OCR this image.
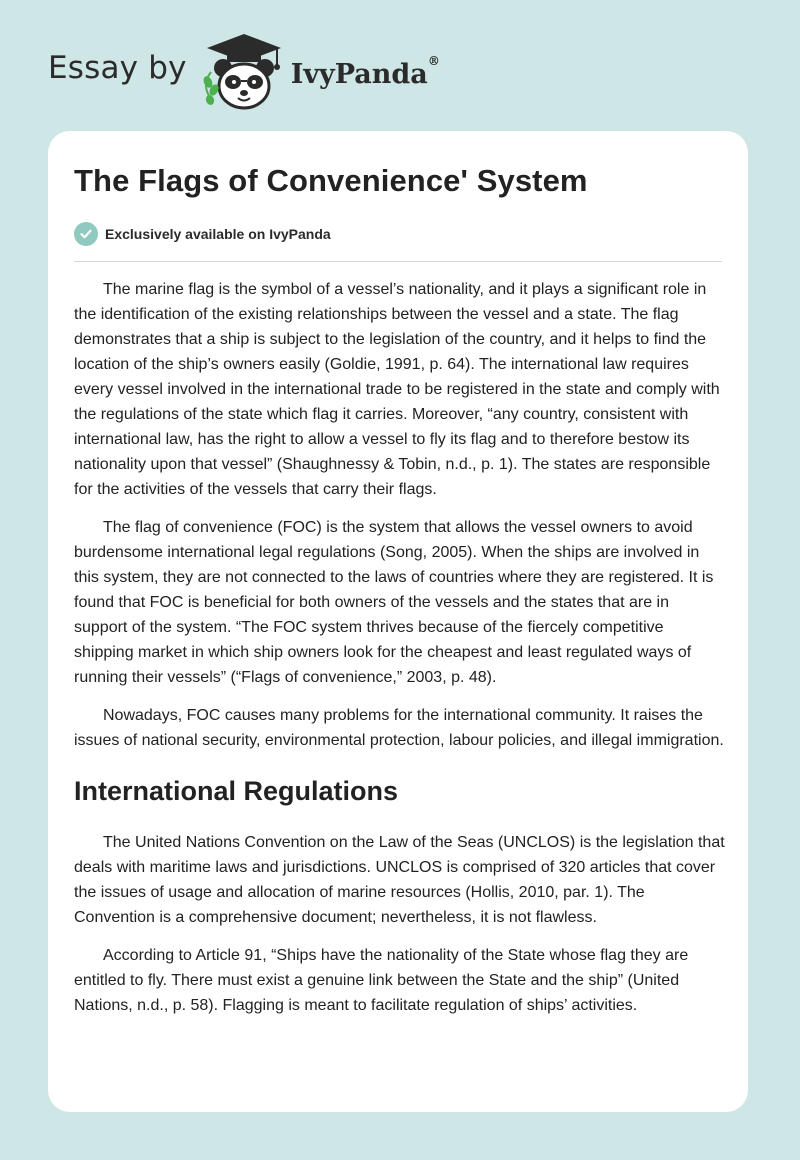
Essay by	IvyPanda®
The Flags of Convenience' System
Exclusively available on IvyPanda

The marine flag is the symbol of a vessel’s nationality, and it plays a significant role in the identification of the existing relationships between the vessel and a state. The flag demonstrates that a ship is subject to the legislation of the country, and it helps to find the location of the ship’s owners easily (Goldie, 1991, p. 64). The international law requires every vessel involved in the international trade to be registered in the state and comply with the regulations of the state which flag it carries. Moreover, “any country, consistent with international law, has the right to allow a vessel to fly its flag and to therefore bestow its nationality upon that vessel” (Shaughnessy & Tobin, n.d., p. 1). The states are responsible for the activities of the vessels that carry their flags.

The flag of convenience (FOC) is the system that allows the vessel owners to avoid burdensome international legal regulations (Song, 2005). When the ships are involved in this system, they are not connected to the laws of countries where they are registered. It is found that FOC is beneficial for both owners of the vessels and the states that are in support of the system. “The FOC system thrives because of the fiercely competitive shipping market in which ship owners look for the cheapest and least regulated ways of running their vessels” (“Flags of convenience,” 2003, p. 48).

Nowadays, FOC causes many problems for the international community. It raises the issues of national security, environmental protection, labour policies, and illegal immigration.

International Regulations

The United Nations Convention on the Law of the Seas (UNCLOS) is the legislation that deals with maritime laws and jurisdictions. UNCLOS is comprised of 320 articles that cover the issues of usage and allocation of marine resources (Hollis, 2010, par. 1). The Convention is a comprehensive document; nevertheless, it is not flawless.

According to Article 91, “Ships have the nationality of the State whose flag they are entitled to fly. There must exist a genuine link between the State and the ship” (United Nations, n.d., p. 58). Flagging is meant to facilitate regulation of ships’ activities.
